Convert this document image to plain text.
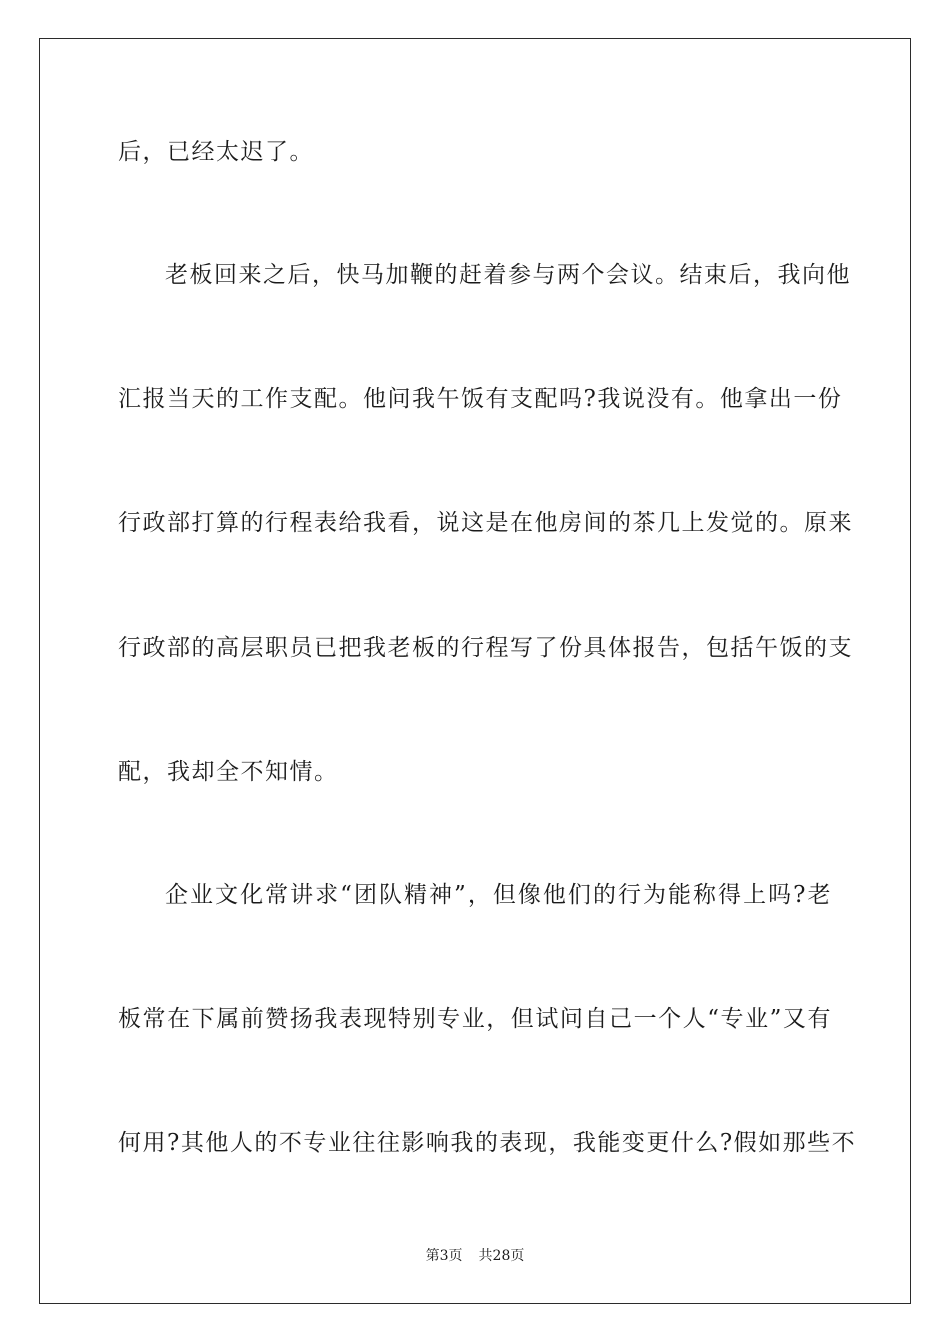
后，已经太迟了。
老板回来之后，快马加鞭的赶着参与两个会议。结束后，我向他
汇报当天的工作支配。他问我午饭有支配吗?我说没有。他拿出一份
行政部打算的行程表给我看，说这是在他房间的茶几上发觉的。原来
行政部的高层职员已把我老板的行程写了份具体报告，包括午饭的支
配，我却全不知情。
企业文化常讲求“团队精神”，但像他们的行为能称得上吗?老
板常在下属前赞扬我表现特别专业，但试问自己一个人“专业”又有
何用?其他人的不专业往往影响我的表现，我能变更什么?假如那些不
第3页 共28页
